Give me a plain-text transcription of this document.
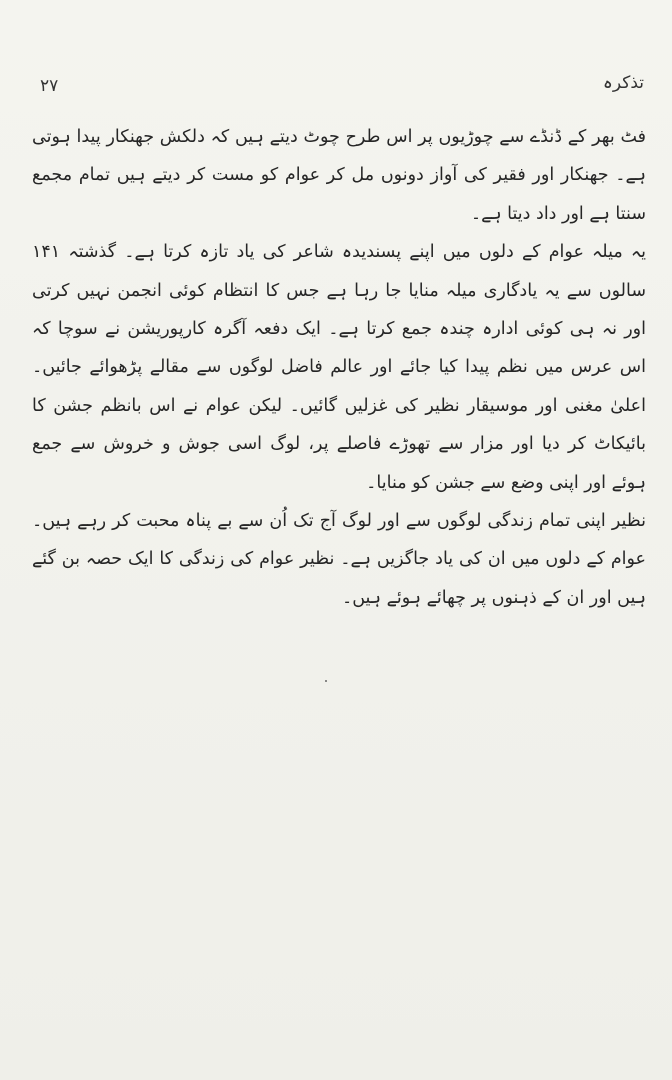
تذکرہ
۲۷

فٹ بھر کے ڈنڈے سے چوڑیوں پر اس طرح چوٹ دیتے ہیں کہ دلکش جھنکار پیدا ہوتی ہے۔ جھنکار اور فقیر کی آواز دونوں مل کر عوام کو مست کر دیتے ہیں تمام مجمع سنتا ہے اور داد دیتا ہے۔

یہ میلہ عوام کے دلوں میں اپنے پسندیدہ شاعر کی یاد تازہ کرتا ہے۔ گذشتہ ۱۴۱ سالوں سے یہ یادگاری میلہ منایا جا رہا ہے جس کا انتظام کوئی انجمن نہیں کرتی اور نہ ہی کوئی ادارہ چندہ جمع کرتا ہے۔ ایک دفعہ آگرہ کارپوریشن نے سوچا کہ اس عرس میں نظم پیدا کیا جائے اور عالم فاضل لوگوں سے مقالے پڑھوائے جائیں۔ اعلیٰ مغنی اور موسیقار نظیر کی غزلیں گائیں۔ لیکن عوام نے اس بانظم جشن کا بائیکاٹ کر دیا اور مزار سے تھوڑے فاصلے پر، لوگ اسی جوش و خروش سے جمع ہوئے اور اپنی وضع سے جشن کو منایا۔

نظیر اپنی تمام زندگی لوگوں سے اور لوگ آج تک اُن سے بے پناہ محبت کر رہے ہیں۔ عوام کے دلوں میں ان کی یاد جاگزیں ہے۔ نظیر عوام کی زندگی کا ایک حصہ بن گئے ہیں اور ان کے ذہنوں پر چھائے ہوئے ہیں۔
